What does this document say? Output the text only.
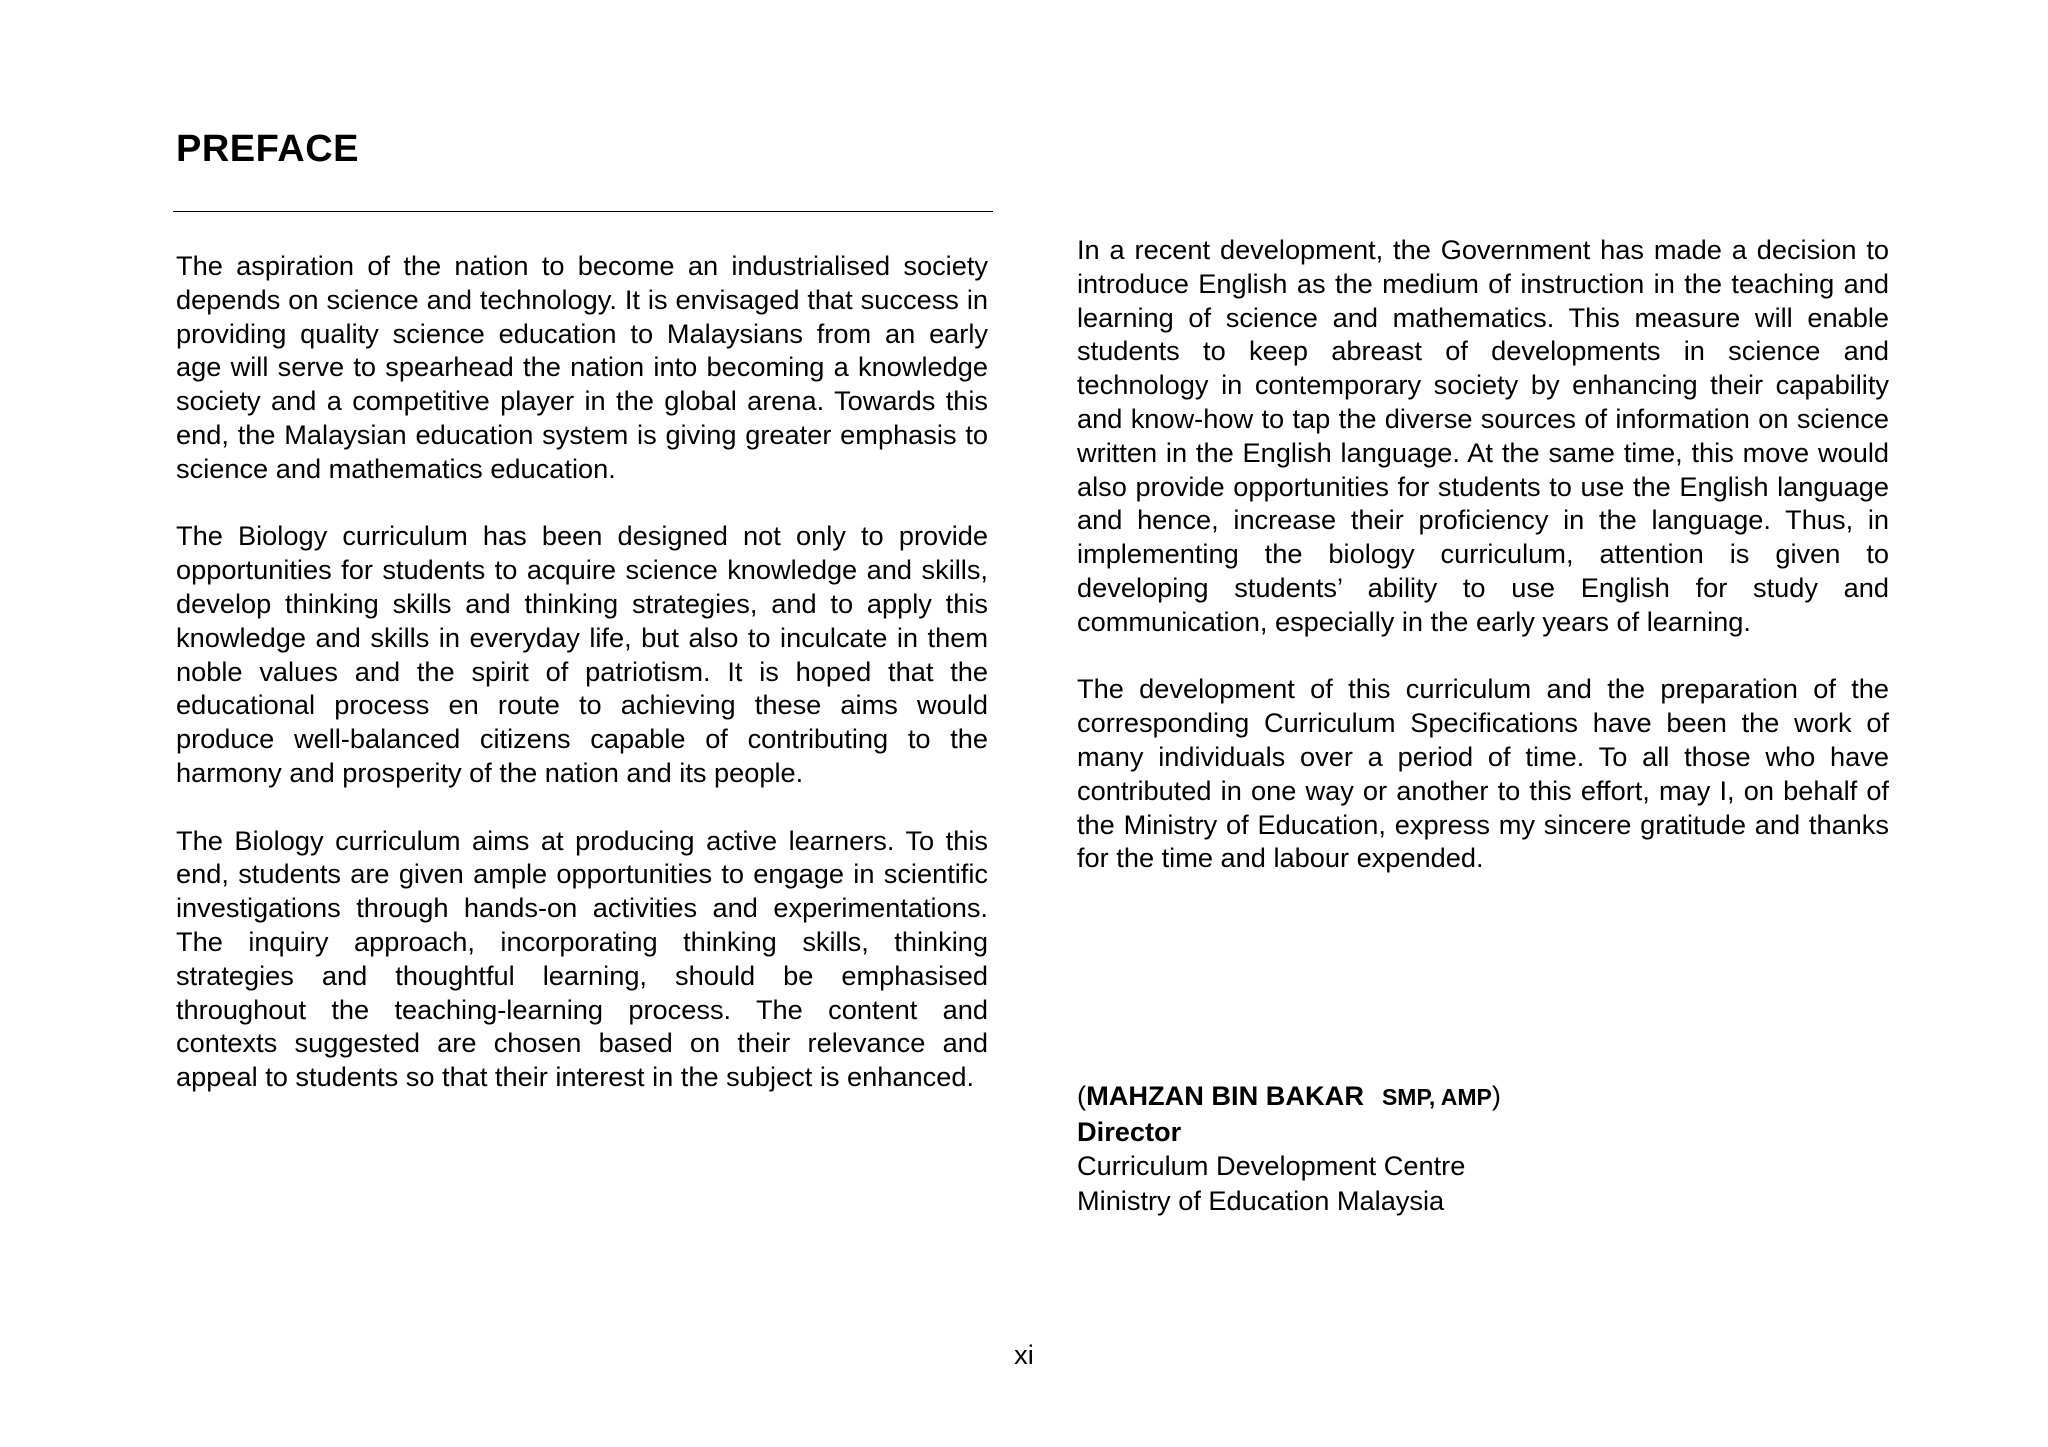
PREFACE

The aspiration of the nation to become an industrialised society depends on science and technology. It is envisaged that success in providing quality science education to Malaysians from an early age will serve to spearhead the nation into becoming a knowledge society and a competitive player in the global arena. Towards this end, the Malaysian education system is giving greater emphasis to science and mathematics education.

The Biology curriculum has been designed not only to provide opportunities for students to acquire science knowledge and skills, develop thinking skills and thinking strategies, and to apply this knowledge and skills in everyday life, but also to inculcate in them noble values and the spirit of patriotism. It is hoped that the educational process en route to achieving these aims would produce well-balanced citizens capable of contributing to the harmony and prosperity of the nation and its people.

The Biology curriculum aims at producing active learners. To this end, students are given ample opportunities to engage in scientific investigations through hands-on activities and experimentations. The inquiry approach, incorporating thinking skills, thinking strategies and thoughtful learning, should be emphasised throughout the teaching-learning process. The content and contexts suggested are chosen based on their relevance and appeal to students so that their interest in the subject is enhanced.

In a recent development, the Government has made a decision to introduce English as the medium of instruction in the teaching and learning of science and mathematics. This measure will enable students to keep abreast of developments in science and technology in contemporary society by enhancing their capability and know-how to tap the diverse sources of information on science written in the English language. At the same time, this move would also provide opportunities for students to use the English language and hence, increase their proficiency in the language. Thus, in implementing the biology curriculum, attention is given to developing students’ ability to use English for study and communication, especially in the early years of learning.

The development of this curriculum and the preparation of the corresponding Curriculum Specifications have been the work of many individuals over a period of time. To all those who have contributed in one way or another to this effort, may I, on behalf of the Ministry of Education, express my sincere gratitude and thanks for the time and labour expended.

(MAHZAN BIN BAKAR SMP, AMP)
Director
Curriculum Development Centre
Ministry of Education Malaysia
xi
